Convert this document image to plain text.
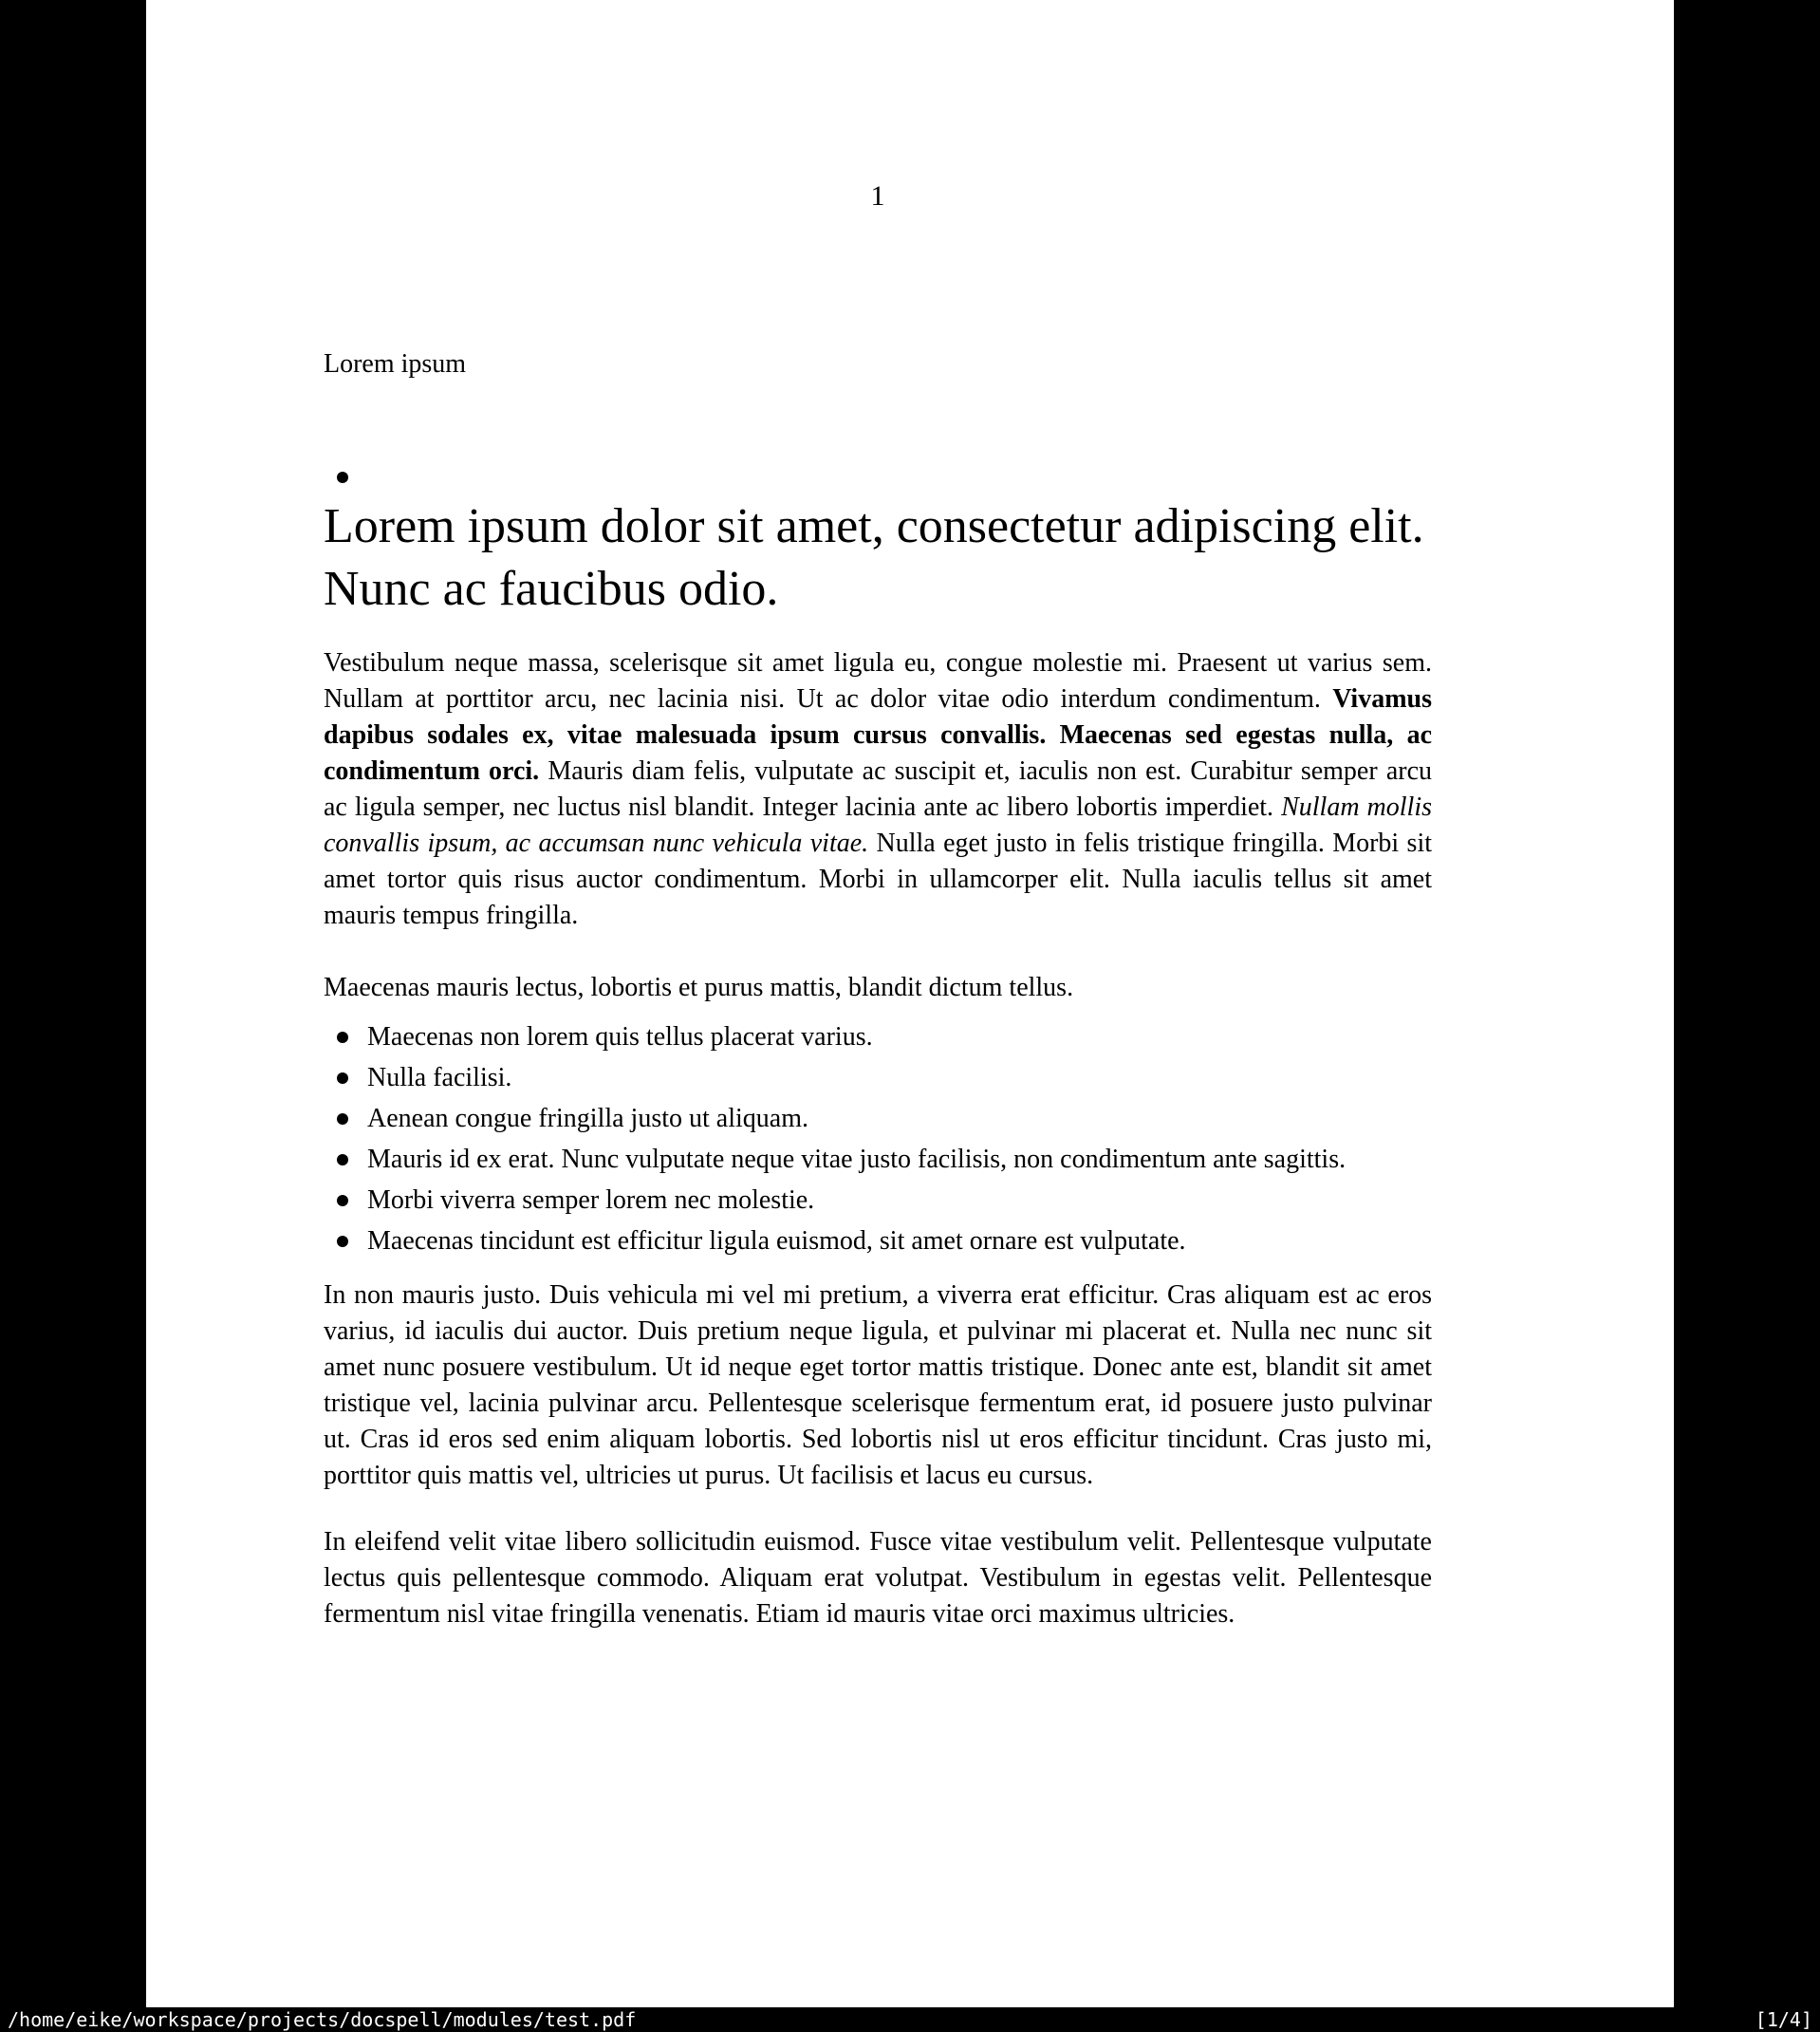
1

Lorem ipsum

Lorem ipsum dolor sit amet, consectetur adipiscing elit. Nunc ac faucibus odio.

Vestibulum neque massa, scelerisque sit amet ligula eu, congue molestie mi. Praesent ut varius sem. Nullam at porttitor arcu, nec lacinia nisi. Ut ac dolor vitae odio interdum condimentum. Vivamus dapibus sodales ex, vitae malesuada ipsum cursus convallis. Maecenas sed egestas nulla, ac condimentum orci. Mauris diam felis, vulputate ac suscipit et, iaculis non est. Curabitur semper arcu ac ligula semper, nec luctus nisl blandit. Integer lacinia ante ac libero lobortis imperdiet. Nullam mollis convallis ipsum, ac accumsan nunc vehicula vitae. Nulla eget justo in felis tristique fringilla. Morbi sit amet tortor quis risus auctor condimentum. Morbi in ullamcorper elit. Nulla iaculis tellus sit amet mauris tempus fringilla.

Maecenas mauris lectus, lobortis et purus mattis, blandit dictum tellus.

Maecenas non lorem quis tellus placerat varius.
Nulla facilisi.
Aenean congue fringilla justo ut aliquam.
Mauris id ex erat. Nunc vulputate neque vitae justo facilisis, non condimentum ante sagittis.
Morbi viverra semper lorem nec molestie.
Maecenas tincidunt est efficitur ligula euismod, sit amet ornare est vulputate.

In non mauris justo. Duis vehicula mi vel mi pretium, a viverra erat efficitur. Cras aliquam est ac eros varius, id iaculis dui auctor. Duis pretium neque ligula, et pulvinar mi placerat et. Nulla nec nunc sit amet nunc posuere vestibulum. Ut id neque eget tortor mattis tristique. Donec ante est, blandit sit amet tristique vel, lacinia pulvinar arcu. Pellentesque scelerisque fermentum erat, id posuere justo pulvinar ut. Cras id eros sed enim aliquam lobortis. Sed lobortis nisl ut eros efficitur tincidunt. Cras justo mi, porttitor quis mattis vel, ultricies ut purus. Ut facilisis et lacus eu cursus.

In eleifend velit vitae libero sollicitudin euismod. Fusce vitae vestibulum velit. Pellentesque vulputate lectus quis pellentesque commodo. Aliquam erat volutpat. Vestibulum in egestas velit. Pellentesque fermentum nisl vitae fringilla venenatis. Etiam id mauris vitae orci maximus ultricies.

/home/eike/workspace/projects/docspell/modules/test.pdf	[1/4]
